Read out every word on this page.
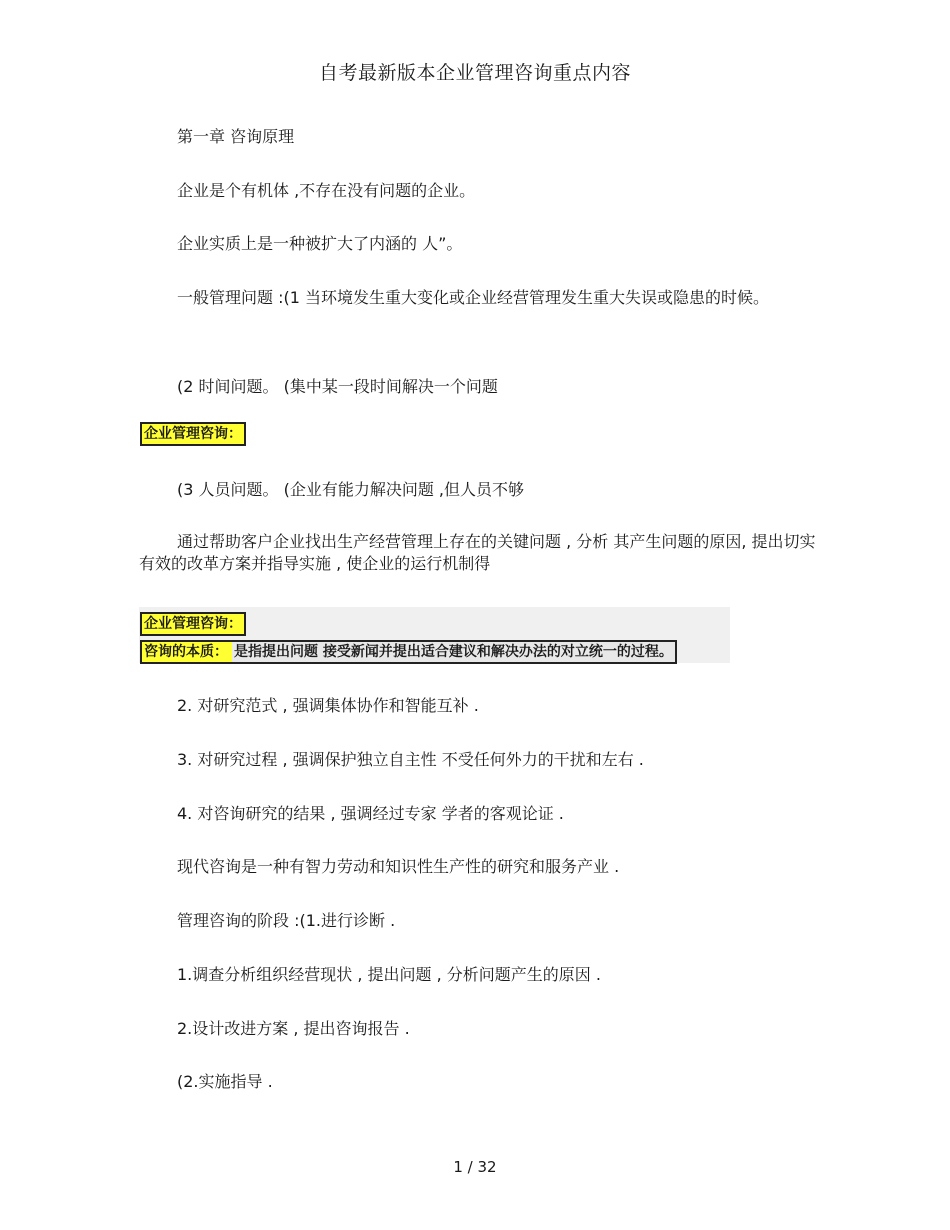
自考最新版本企业管理咨询重点内容
第一章 咨询原理
企业是个有机体 ,不存在没有问题的企业。
企业实质上是一种被扩大了内涵的 人”。
一般管理问题 :(1 当环境发生重大变化或企业经营管理发生重大失误或隐患的时候。
(2 时间问题。 (集中某一段时间解决一个问题
企业管理咨询：
(3 人员问题。 (企业有能力解决问题 ,但人员不够
通过帮助客户企业找出生产经营管理上存在的关键问题 , 分析 其产生问题的原因, 提出切实有效的改革方案并指导实施 , 使企业的运行机制得
企业管理咨询：
咨询的本质： 是指提出问题 接受新闻并提出适合建议和解决办法的对立统一的过程。
2. 对研究范式 , 强调集体协作和智能互补 .
3. 对研究过程 , 强调保护独立自主性 不受任何外力的干扰和左右 .
4. 对咨询研究的结果 , 强调经过专家 学者的客观论证 .
现代咨询是一种有智力劳动和知识性生产性的研究和服务产业 .
管理咨询的阶段 :(1.进行诊断 .
1.调查分析组织经营现状 , 提出问题 , 分析问题产生的原因 .
2.设计改进方案 , 提出咨询报告 .
(2.实施指导 .
1 / 32
